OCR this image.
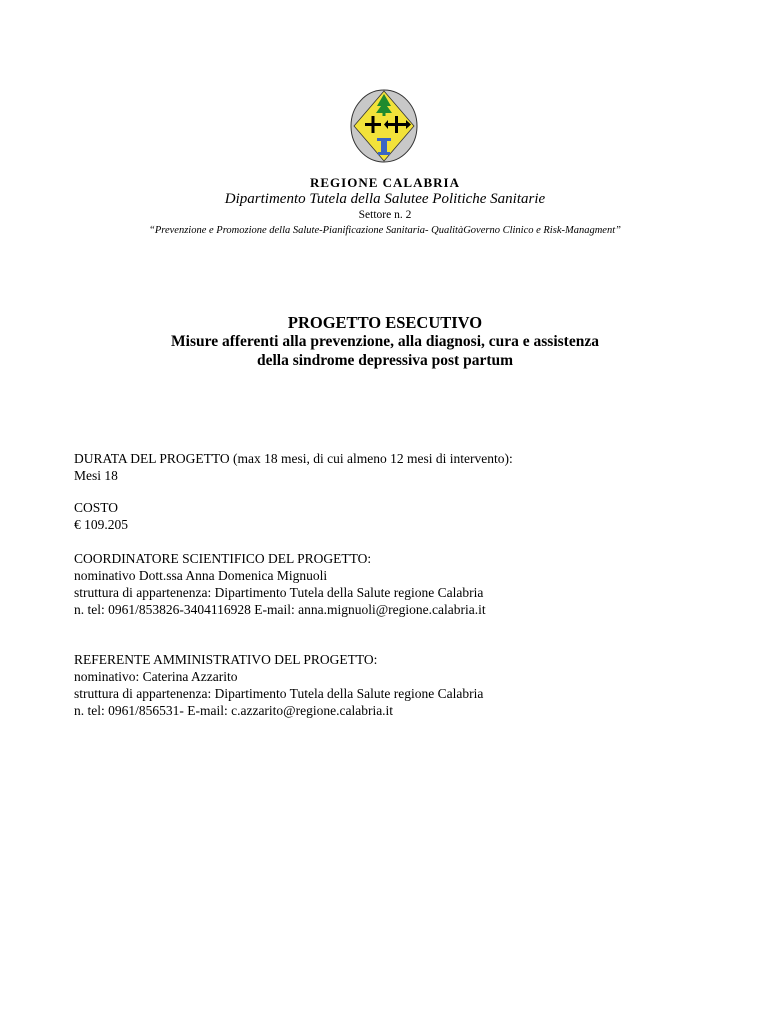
REGIONE CALABRIA
Dipartimento Tutela della Salutee Politiche Sanitarie
Settore n. 2
“Prevenzione e Promozione della Salute-Pianificazione Sanitaria- QualitàGoverno Clinico e Risk-Managment”
PROGETTO ESECUTIVO
Misure afferenti alla prevenzione, alla diagnosi, cura e assistenza
della sindrome depressiva post partum
DURATA DEL PROGETTO (max 18 mesi, di cui almeno 12 mesi di intervento):
Mesi 18
COSTO
€ 109.205
COORDINATORE SCIENTIFICO DEL PROGETTO:
nominativo Dott.ssa Anna Domenica Mignuoli
struttura di appartenenza: Dipartimento Tutela della Salute regione Calabria
n. tel: 0961/853826-3404116928 E-mail: anna.mignuoli@regione.calabria.it
REFERENTE AMMINISTRATIVO DEL PROGETTO:
nominativo: Caterina Azzarito
struttura di appartenenza: Dipartimento Tutela della Salute regione Calabria
n. tel: 0961/856531- E-mail: c.azzarito@regione.calabria.it
